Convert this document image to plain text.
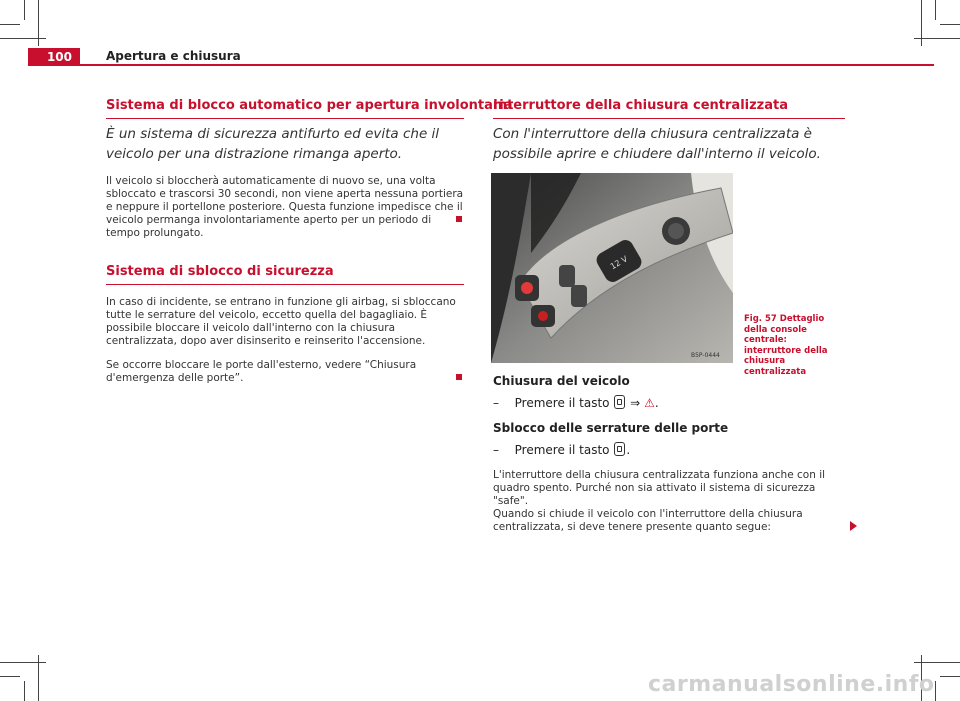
100	Apertura e chiusura
Sistema di blocco automatico per apertura involontaria
È un sistema di sicurezza antifurto ed evita che il veicolo per una distrazione rimanga aperto.
Il veicolo si bloccherà automaticamente di nuovo se, una volta sbloccato e trascorsi 30 secondi, non viene aperta nessuna portiera e neppure il portellone posteriore. Questa funzione impedisce che il veicolo permanga involontariamente aperto per un periodo di tempo prolungato.
Sistema di sblocco di sicurezza
In caso di incidente, se entrano in funzione gli airbag, si sbloccano tutte le serrature del veicolo, eccetto quella del bagagliaio. È possibile bloccare il veicolo dall'interno con la chiusura centralizzata, dopo aver disinserito e reinserito l'accensione.
Se occorre bloccare le porte dall'esterno, vedere “Chiusura d'emergenza delle porte”.
Interruttore della chiusura centralizzata
Con l'interruttore della chiusura centralizzata è possibile aprire e chiudere dall'interno il veicolo.
12 V
B5P-0444
Fig. 57 Dettaglio della console centrale: interruttore della chiusura centralizzata
Chiusura del veicolo
– Premere il tasto ⇒ ⚠.
Sblocco delle serrature delle porte
– Premere il tasto .
L'interruttore della chiusura centralizzata funziona anche con il quadro spento. Purché non sia attivato il sistema di sicurezza "safe".
Quando si chiude il veicolo con l'interruttore della chiusura centralizzata, si deve tenere presente quanto segue:
carmanualsonline.info
